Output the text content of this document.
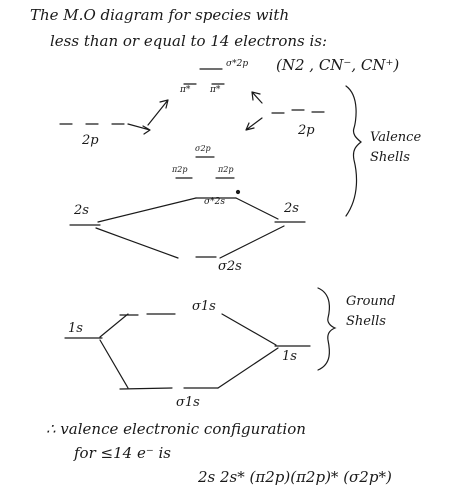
The M.O diagram for species with
less than or equal to 14 electrons is:
(N2 , CN⁻, CN⁺)
σ*2p
π* π*
2p
2p
σ2p
π2p	π2p
σ*2s
2s	2s
σ2s
σ1s
1s
1s
σ1s
Valence
Shells
Ground
Shells
∴ valence electronic configuration
for ≤14 e⁻ is
2s 2s* (π2p)(π2p)* (σ2p*)
